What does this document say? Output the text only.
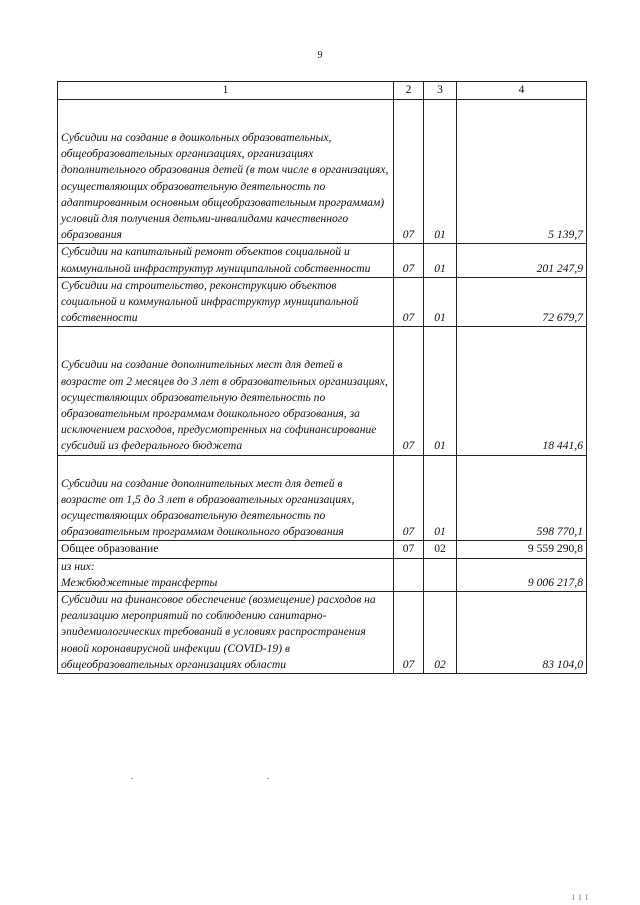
9
1	2	3	4
Субсидии на создание в дошкольных образовательных, общеобразовательных организациях, организациях дополнительного образования детей (в том числе в организациях, осуществляющих образовательную деятельность по адаптированным основным общеобразовательным программам) условий для получения детьми-инвалидами качественного образования	07	01	5 139,7
Субсидии на капитальный ремонт объектов социальной и коммунальной инфраструктур муниципальной собственности	07	01	201 247,9
Субсидии на строительство, реконструкцию объектов социальной и коммунальной инфраструктур муниципальной собственности	07	01	72 679,7
Субсидии на создание дополнительных мест для детей в возрасте от 2 месяцев до 3 лет в образовательных организациях, осуществляющих образовательную деятельность по образовательным программам дошкольного образования, за исключением расходов, предусмотренных на софинансирование субсидий из федерального бюджета	07	01	18 441,6
Субсидии на создание дополнительных мест для детей в возрасте от 1,5 до 3 лет в образовательных организациях, осуществляющих образовательную деятельность по образовательным программам дошкольного образования	07	01	598 770,1
Общее образование	07	02	9 559 290,8

из них:
Межбюджетные трансферты			9 006 217,8
Субсидии на финансовое обеспечение (возмещение) расходов на реализацию мероприятий по соблюдению санитарно-эпидемиологических требований в условиях распространения новой коронавирусной инфекции (COVID-19) в общеобразовательных организациях области	07	02	83 104,0
I I I
